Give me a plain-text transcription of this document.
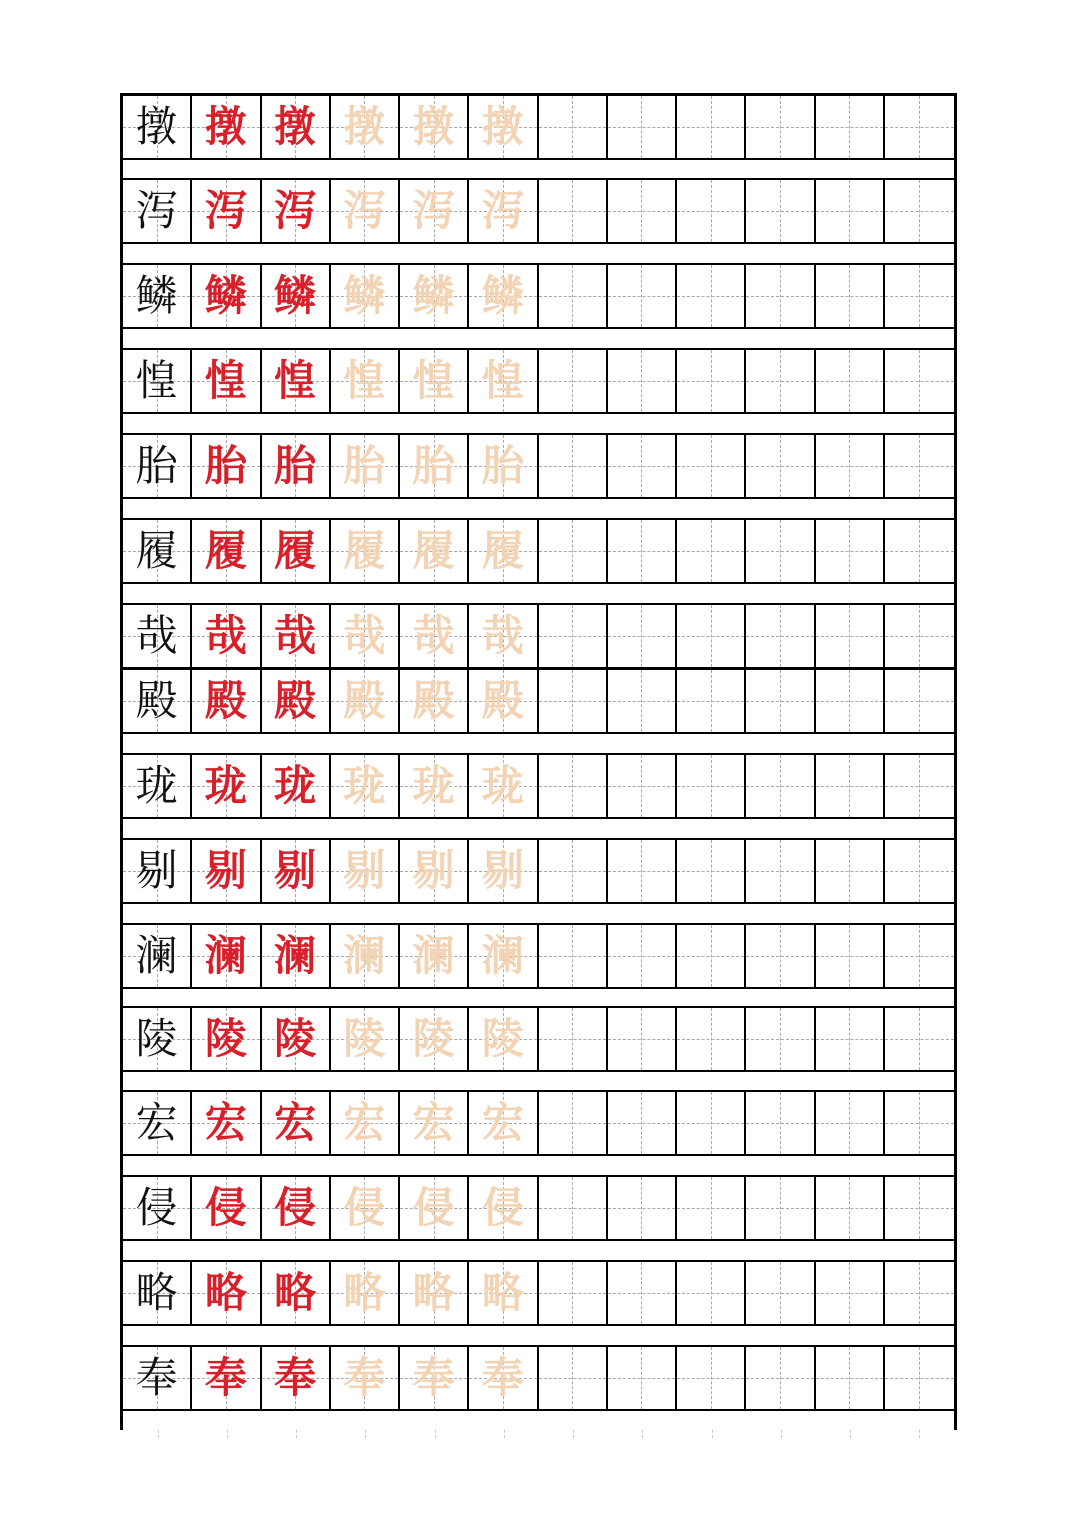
撴 撴 撴 撴 撴 撴
泻 泻 泻 泻 泻 泻
鳞 鳞 鳞 鳞 鳞 鳞
惶 惶 惶 惶 惶 惶
胎 胎 胎 胎 胎 胎
履 履 履 履 履 履
哉 哉 哉 哉 哉 哉
殿 殿 殿 殿 殿 殿
珑 珑 珑 珑 珑 珑
剔 剔 剔 剔 剔 剔
澜 澜 澜 澜 澜 澜
陵 陵 陵 陵 陵 陵
宏 宏 宏 宏 宏 宏
侵 侵 侵 侵 侵 侵
略 略 略 略 略 略
奉 奉 奉 奉 奉 奉
